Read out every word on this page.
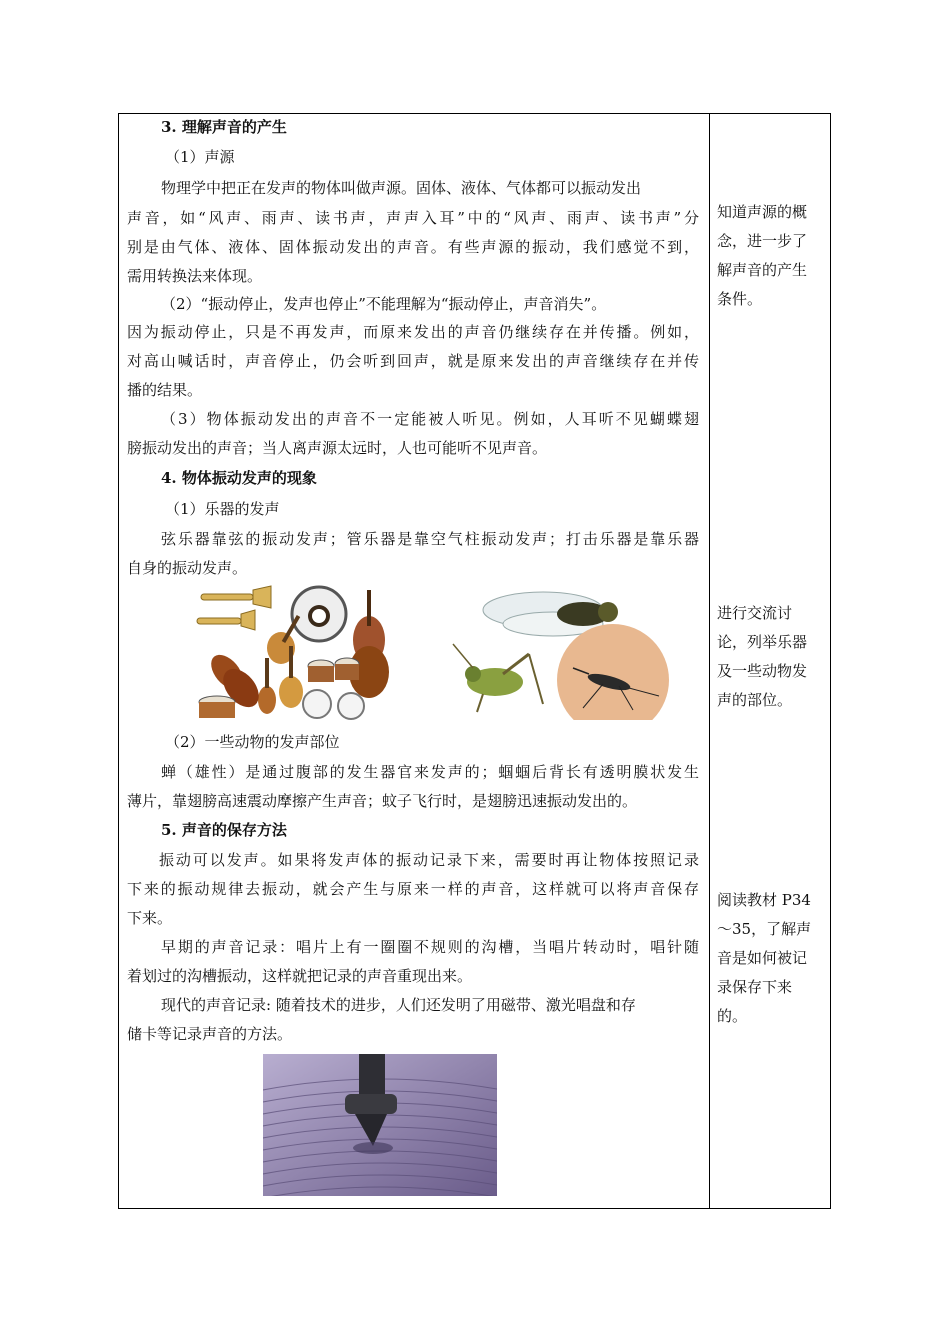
3. 理解声音的产生
（1）声源
物理学中把正在发声的物体叫做声源。固体、液体、气体都可以振动发出
声音，如“风声、雨声、读书声，声声入耳”中的“风声、雨声、读书声”分
别是由气体、液体、固体振动发出的声音。有些声源的振动，我们感觉不到，
需用转换法来体现。
（2）“振动停止，发声也停止”不能理解为“振动停止，声音消失”。
因为振动停止，只是不再发声，而原来发出的声音仍继续存在并传播。例如，
对高山喊话时，声音停止，仍会听到回声，就是原来发出的声音继续存在并传
播的结果。
（3）物体振动发出的声音不一定能被人听见。例如，人耳听不见蝴蝶翅
膀振动发出的声音；当人离声源太远时，人也可能听不见声音。
4. 物体振动发声的现象
（1）乐器的发声
弦乐器靠弦的振动发声；管乐器是靠空气柱振动发声；打击乐器是靠乐器
自身的振动发声。
（2）一些动物的发声部位
蝉（雄性）是通过腹部的发生器官来发声的；蝈蝈后背长有透明膜状发生
薄片，靠翅膀高速震动摩擦产生声音；蚊子飞行时，是翅膀迅速振动发出的。
5. 声音的保存方法
振动可以发声。如果将发声体的振动记录下来，需要时再让物体按照记录
下来的振动规律去振动，就会产生与原来一样的声音，这样就可以将声音保存
下来。
早期的声音记录：唱片上有一圈圈不规则的沟槽，当唱片转动时，唱针随
着划过的沟槽振动，这样就把记录的声音重现出来。
现代的声音记录: 随着技术的进步，人们还发明了用磁带、激光唱盘和存
储卡等记录声音的方法。
知道声源的概
念，进一步了
解声音的产生
条件。
进行交流讨
论，列举乐器
及一些动物发
声的部位。
阅读教材 P34
～35，了解声
音是如何被记
录保存下来
的。
